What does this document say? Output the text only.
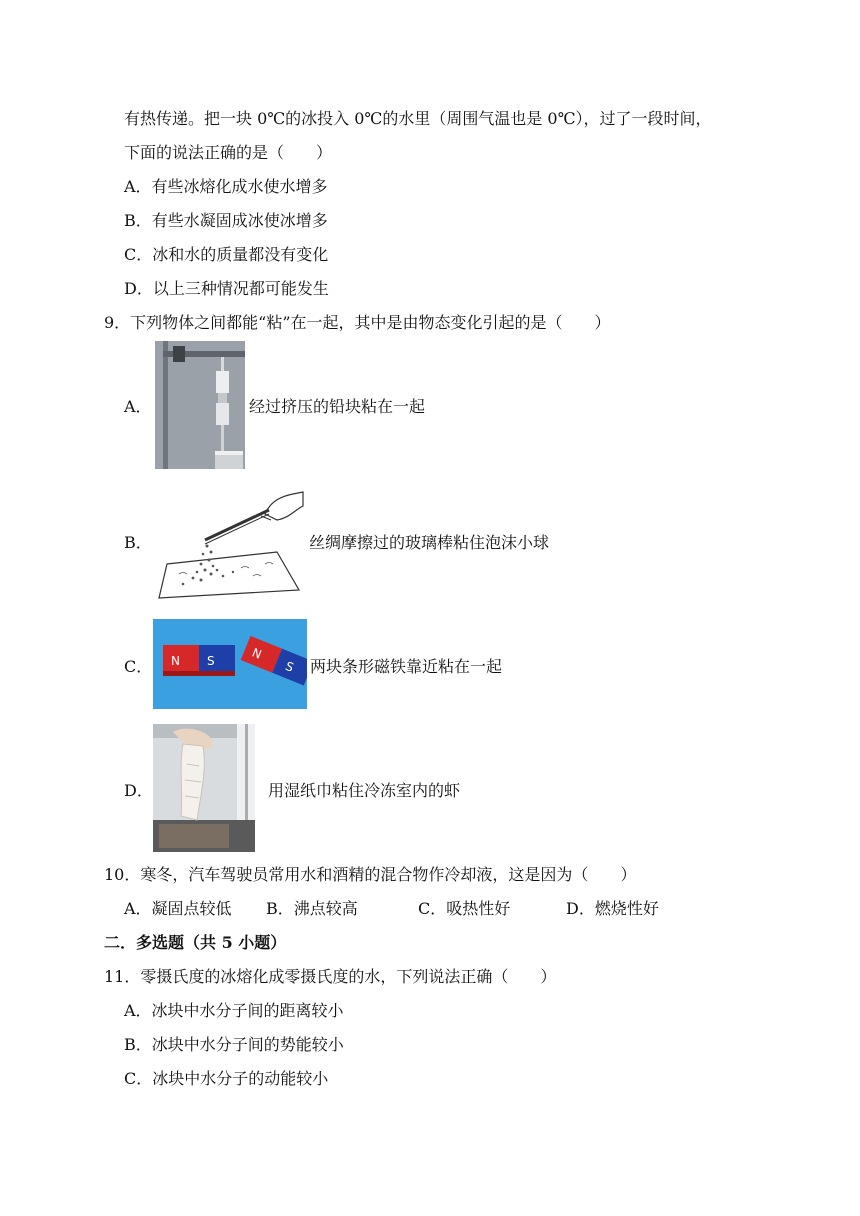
有热传递。把一块 0℃的冰投入 0℃的水里（周围气温也是 0℃），过了一段时间，
下面的说法正确的是（　　）
A．有些冰熔化成水使水增多
B．有些水凝固成冰使冰增多
C．冰和水的质量都没有变化
D．以上三种情况都可能发生
9．下列物体之间都能“粘”在一起，其中是由物态变化引起的是（　　）
A．	经过挤压的铅块粘在一起
B．	丝绸摩擦过的玻璃棒粘住泡沫小球
C． N S	N
S 两块条形磁铁靠近粘在一起
D．	用湿纸巾粘住冷冻室内的虾
10．寒冬，汽车驾驶员常用水和酒精的混合物作冷却液，这是因为（　　）
A．凝固点较低 B．沸点较高	C．吸热性好	D．燃烧性好
二．多选题（共 5 小题）
11．零摄氏度的冰熔化成零摄氏度的水，下列说法正确（　　）
A．冰块中水分子间的距离较小
B．冰块中水分子间的势能较小
C．冰块中水分子的动能较小
